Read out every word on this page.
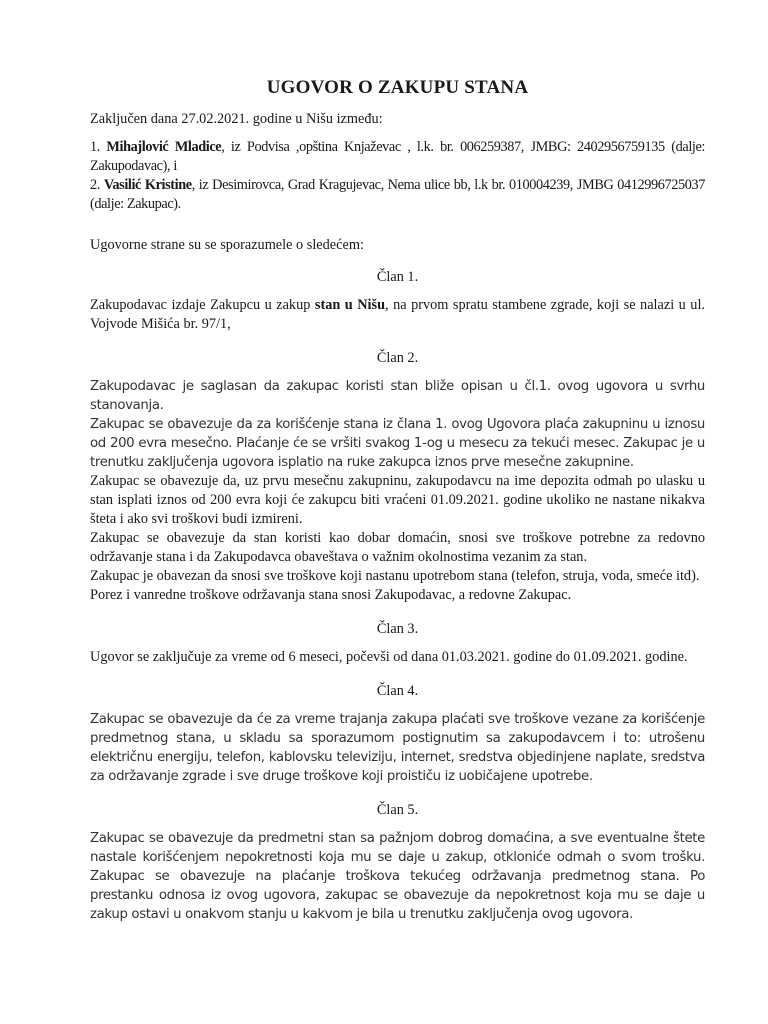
UGOVOR O ZAKUPU STANA

Zaključen dana 27.02.2021. godine u Nišu između:

1. Mihajlović Mladice, iz Podvisa ,opština Knjaževac , l.k. br. 006259387, JMBG: 2402956759135 (dalje: Zakupodavac), i

2. Vasilić Kristine, iz Desimirovca, Grad Kragujevac, Nema ulice bb, l.k br. 010004239, JMBG 0412996725037 (dalje: Zakupac).

Ugovorne strane su se sporazumele o sledećem:

Član 1.

Zakupodavac izdaje Zakupcu u zakup stan u Nišu, na prvom spratu stambene zgrade, koji se nalazi u ul. Vojvode Mišića br. 97/1,

Član 2.

Zakupodavac je saglasan da zakupac koristi stan bliže opisan u čl.1. ovog ugovora u svrhu stanovanja.

Zakupac se obavezuje da za korišćenje stana iz člana 1. ovog Ugovora plaća zakupninu u iznosu od 200 evra mesečno. Plaćanje će se vršiti svakog 1-og u mesecu za tekući mesec. Zakupac je u trenutku zaključenja ugovora isplatio na ruke zakupca iznos prve mesečne zakupnine.

Zakupac se obavezuje da, uz prvu mesečnu zakupninu, zakupodavcu na ime depozita odmah po ulasku u stan isplati iznos od 200 evra koji će zakupcu biti vraćeni 01.09.2021. godine ukoliko ne nastane nikakva šteta i ako svi troškovi budi izmireni.

Zakupac se obavezuje da stan koristi kao dobar domaćin, snosi sve troškove potrebne za redovno održavanje stana i da Zakupodavca obaveštava o važnim okolnostima vezanim za stan.

Zakupac je obavezan da snosi sve troškove koji nastanu upotrebom stana (telefon, struja, voda, smeće itd).

Porez i vanredne troškove održavanja stana snosi Zakupodavac, a redovne Zakupac.

Član 3.

Ugovor se zaključuje za vreme od 6 meseci, počevši od dana 01.03.2021. godine do 01.09.2021. godine.

Član 4.

Zakupac se obavezuje da će za vreme trajanja zakupa plaćati sve troškove vezane za korišćenje predmetnog stana, u skladu sa sporazumom postignutim sa zakupodavcem i to: utrošenu električnu energiju, telefon, kablovsku televiziju, internet, sredstva objedinjene naplate, sredstva za održavanje zgrade i sve druge troškove koji proističu iz uobičajene upotrebe.

Član 5.

Zakupac se obavezuje da predmetni stan sa pažnjom dobrog domaćina, a sve eventualne štete nastale korišćenjem nepokretnosti koja mu se daje u zakup, otkloniće odmah o svom trošku. Zakupac se obavezuje na plaćanje troškova tekućeg održavanja predmetnog stana. Po prestanku odnosa iz ovog ugovora, zakupac se obavezuje da nepokretnost koja mu se daje u zakup ostavi u onakvom stanju u kakvom je bila u trenutku zaključenja ovog ugovora.
